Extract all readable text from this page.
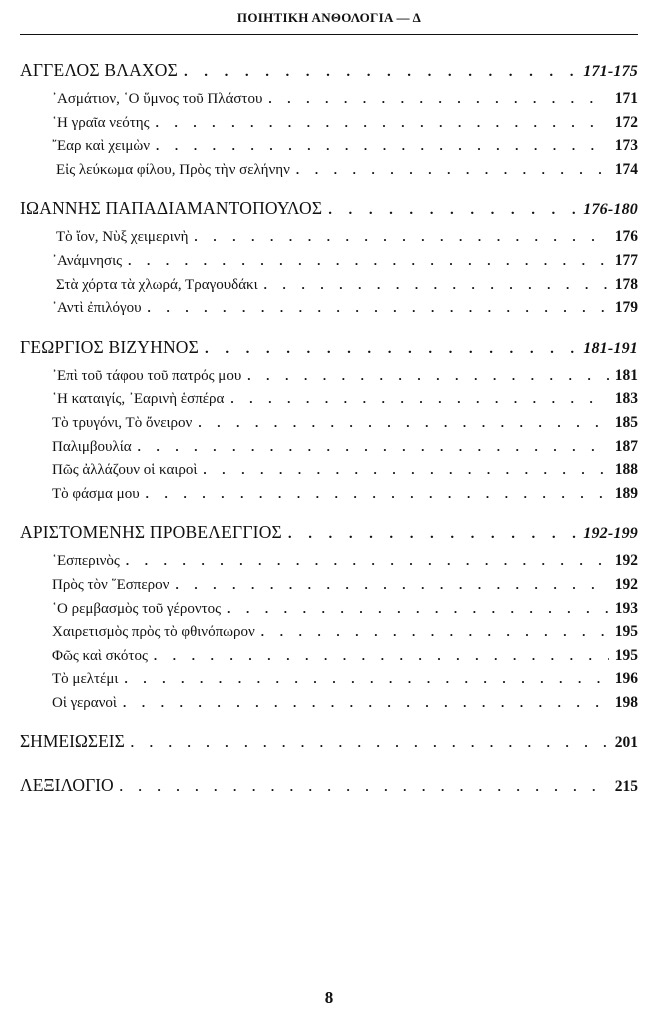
ΠΟΙΗΤΙΚΗ ΑΝΘΟΛΟΓΙΑ — Δ
ΑΓΓΕΛΟΣ ΒΛΑΧΟΣ . . .	171-175
᾿Ασμάτιον, ῾Ο ὕμνος τοῦ Πλάστου . . .	171
῾Η γραῖα νεότης . . .	172
῎Εαρ καὶ χειμὼν . . .	173
Εἰς λεύκωμα φίλου, Πρὸς τὴν σελήνην . . .	174
ΙΩΑΝΝΗΣ ΠΑΠΑΔΙΑΜΑΝΤΟΠΟΥΛΟΣ . . .	176-180
Τὸ ἴον, Νὺξ χειμερινὴ . . .	176
᾿Ανάμνησις . . .	177
Στὰ χόρτα τὰ χλωρά, Τραγουδάκι . . .	178
᾿Αντὶ ἐπιλόγου . . .	179
ΓΕΩΡΓΙΟΣ ΒΙΖΥΗΝΟΣ . . .	181-191
᾿Επὶ τοῦ τάφου τοῦ πατρός μου . . .	181
῾Η καταιγίς, ᾿Εαρινὴ ἑσπέρα . . .	183
Τὸ τρυγόνι, Τὸ ὄνειρον . . .	185
Παλιμβουλία . . .	187
Πῶς ἀλλάζουν οἱ καιροὶ . . .	188
Τὸ φάσμα μου . . .	189
ΑΡΙΣΤΟΜΕΝΗΣ ΠΡΟΒΕΛΕΓΓΙΟΣ . . .	192-199
῾Εσπερινὸς . . .	192
Πρὸς τὸν ῞Εσπερον . . .	192
῾Ο ρεμβασμὸς τοῦ γέροντος . . .	193
Χαιρετισμὸς πρὸς τὸ φθινόπωρον . . .	195
Φῶς καὶ σκότος . . .	195
Τὸ μελτέμι . . .	196
Οἱ γερανοὶ . . .	198
ΣΗΜΕΙΩΣΕΙΣ . . .	201
ΛΕΞΙΛΟΓΙΟ . . .	215
8
